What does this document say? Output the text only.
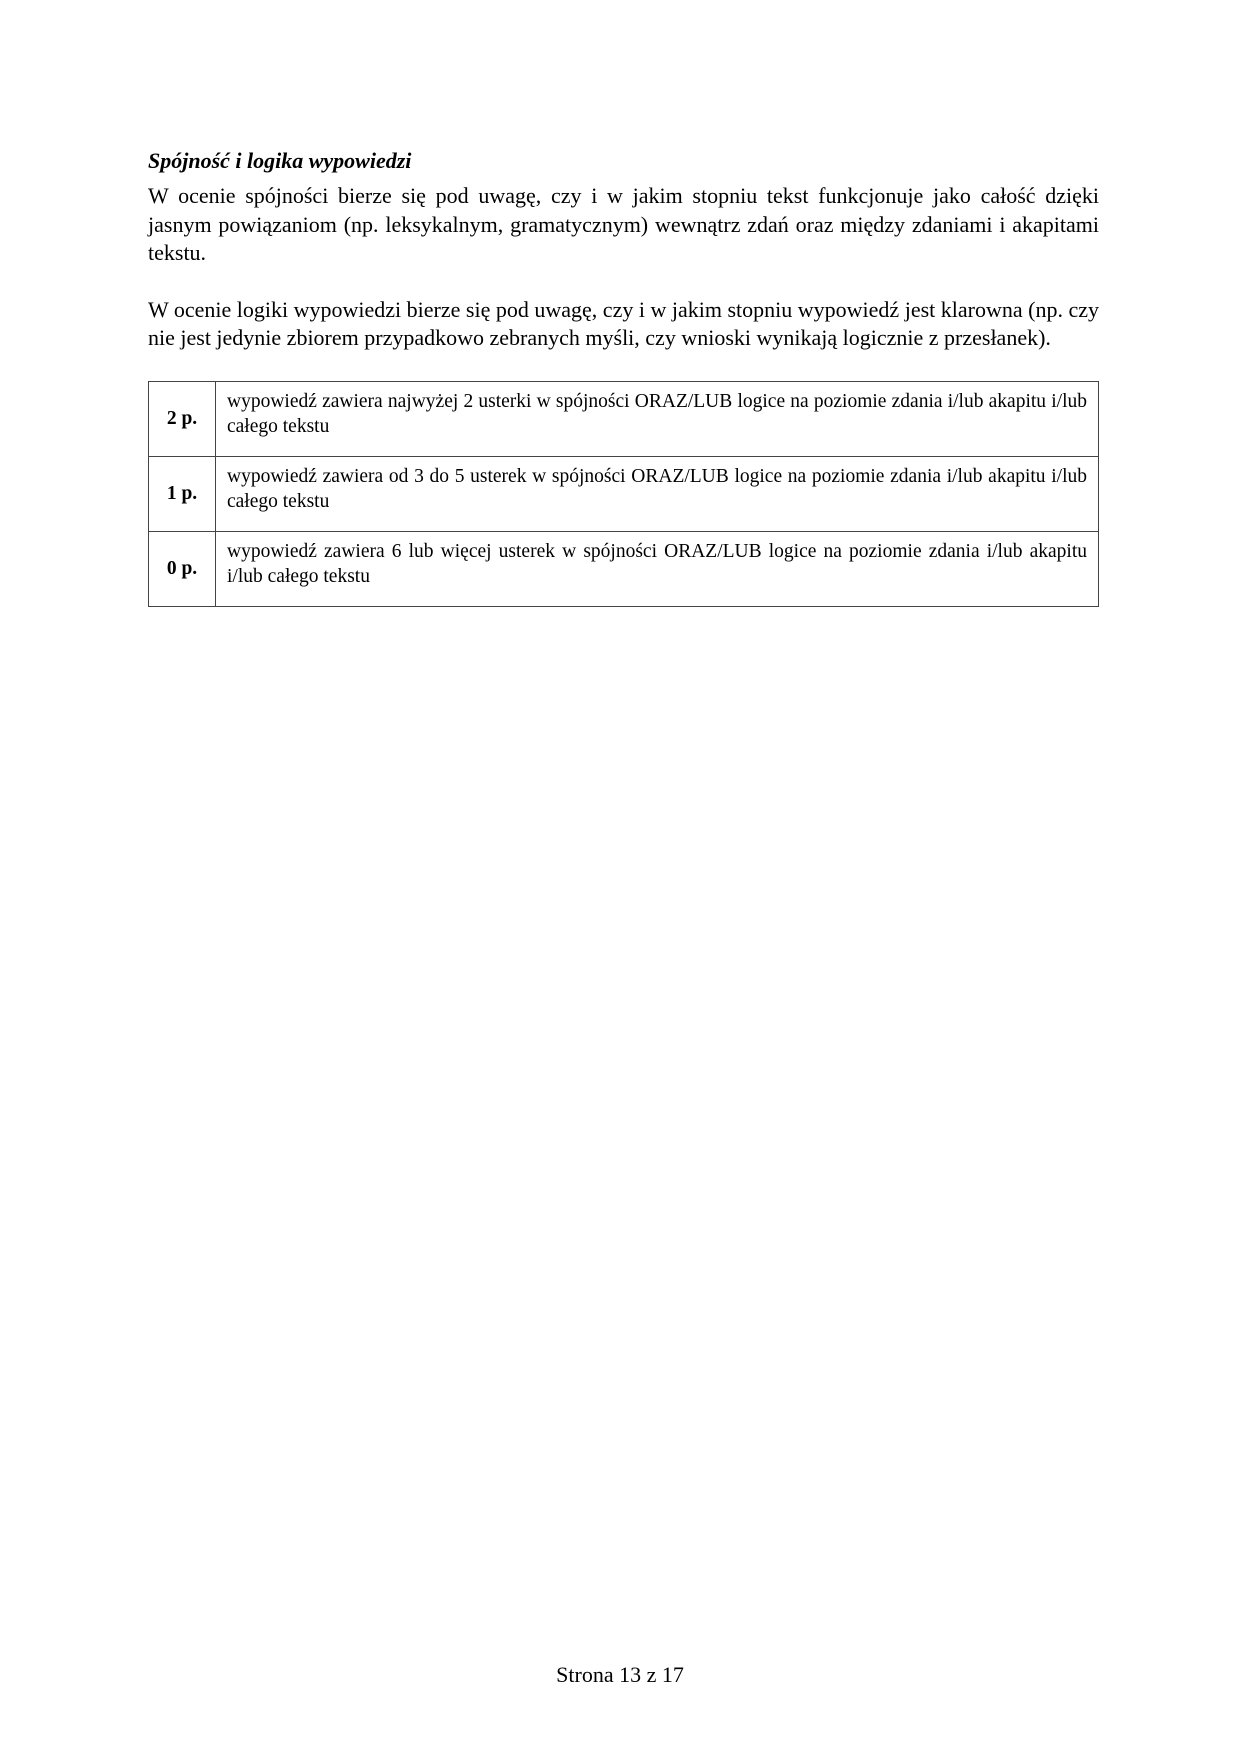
Spójność i logika wypowiedzi

W ocenie spójności bierze się pod uwagę, czy i w jakim stopniu tekst funkcjonuje jako całość dzięki jasnym powiązaniom (np. leksykalnym, gramatycznym) wewnątrz zdań oraz między zdaniami i akapitami tekstu.

W ocenie logiki wypowiedzi bierze się pod uwagę, czy i w jakim stopniu wypowiedź jest klarowna (np. czy nie jest jedynie zbiorem przypadkowo zebranych myśli, czy wnioski wynikają logicznie z przesłanek).

2 p.	wypowiedź zawiera najwyżej 2 usterki w spójności ORAZ/LUB logice na poziomie zdania i/lub akapitu i/lub całego tekstu
1 p.	wypowiedź zawiera od 3 do 5 usterek w spójności ORAZ/LUB logice na poziomie zdania i/lub akapitu i/lub całego tekstu
0 p.	wypowiedź zawiera 6 lub więcej usterek w spójności ORAZ/LUB logice na poziomie zdania i/lub akapitu i/lub całego tekstu
Strona 13 z 17
